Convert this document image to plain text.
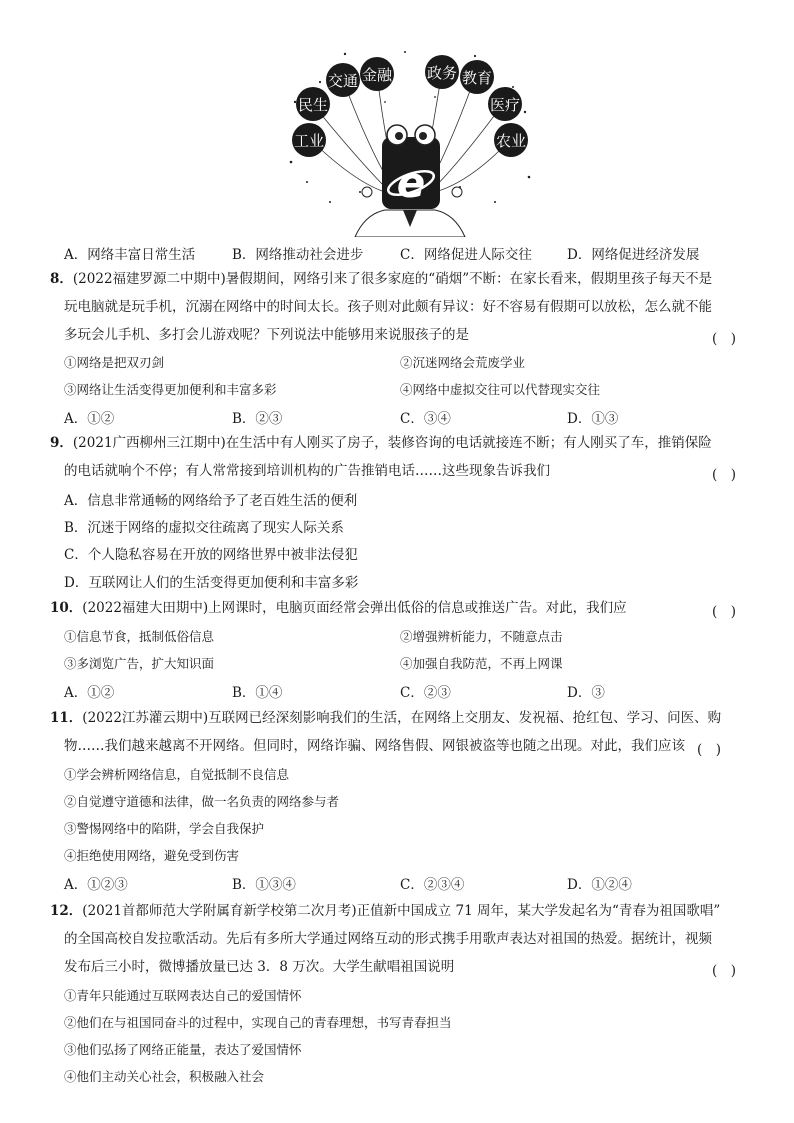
工业
民生
交通 金融 政务 教育
医疗
农业
e
A．网络丰富日常生活	B．网络推动社会进步	C．网络促进人际交往	D．网络促进经济发展
8．(2022福建罗源二中期中)暑假期间，网络引来了很多家庭的“硝烟”不断：在家长看来，假期里孩子每天不是
玩电脑就是玩手机，沉溺在网络中的时间太长。孩子则对此颇有异议：好不容易有假期可以放松，怎么就不能
多玩会儿手机、多打会儿游戏呢？下列说法中能够用来说服孩子的是	(　)
①网络是把双刃剑	②沉迷网络会荒废学业
③网络让生活变得更加便利和丰富多彩	④网络中虚拟交往可以代替现实交往
A．①②	B．②③	C．③④	D．①③
9．(2021广西柳州三江期中)在生活中有人刚买了房子，装修咨询的电话就接连不断；有人刚买了车，推销保险
的电话就响个不停；有人常常接到培训机构的广告推销电话……这些现象告诉我们	(　)
A．信息非常通畅的网络给予了老百姓生活的便利
B．沉迷于网络的虚拟交往疏离了现实人际关系
C．个人隐私容易在开放的网络世界中被非法侵犯
D．互联网让人们的生活变得更加便利和丰富多彩
10．(2022福建大田期中)上网课时，电脑页面经常会弹出低俗的信息或推送广告。对此，我们应	(　)
①信息节食，抵制低俗信息	②增强辨析能力，不随意点击
③多浏览广告，扩大知识面	④加强自我防范，不再上网课
A．①②	B．①④	C．②③	D．③
11．(2022江苏灌云期中)互联网已经深刻影响我们的生活，在网络上交朋友、发祝福、抢红包、学习、问医、购
物……我们越来越离不开网络。但同时，网络诈骗、网络售假、网银被盗等也随之出现。对此，我们应该 (　)
①学会辨析网络信息，自觉抵制不良信息
②自觉遵守道德和法律，做一名负责的网络参与者
③警惕网络中的陷阱，学会自我保护
④拒绝使用网络，避免受到伤害
A．①②③	B．①③④	C．②③④	D．①②④
12．(2021首都师范大学附属育新学校第二次月考)正值新中国成立 71 周年，某大学发起名为“青春为祖国歌唱”
的全国高校自发拉歌活动。先后有多所大学通过网络互动的形式携手用歌声表达对祖国的热爱。据统计，视频
发布后三小时，微博播放量已达 3．8 万次。大学生献唱祖国说明	(　)
①青年只能通过互联网表达自己的爱国情怀
②他们在与祖国同奋斗的过程中，实现自己的青春理想，书写青春担当
③他们弘扬了网络正能量，表达了爱国情怀
④他们主动关心社会，积极融入社会
